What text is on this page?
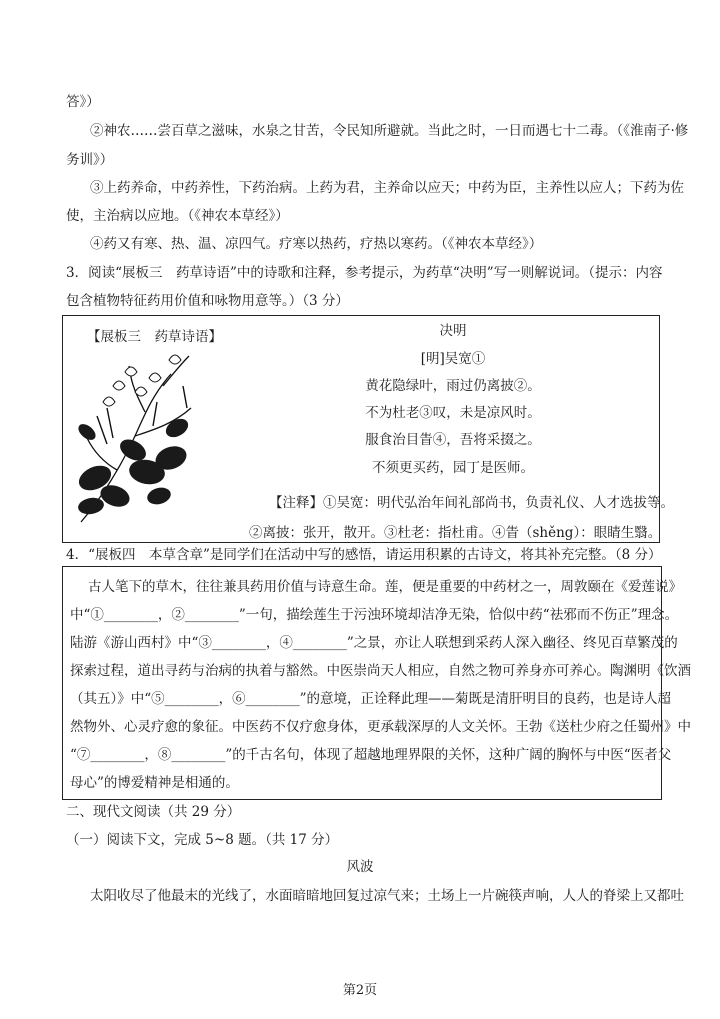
答》）
②神农……尝百草之滋味，水泉之甘苦，令民知所避就。当此之时，一日而遇七十二毒。（《淮南子·修
务训》）
③上药养命，中药养性，下药治病。上药为君，主养命以应天；中药为臣，主养性以应人；下药为佐
使，主治病以应地。（《神农本草经》）
④药又有寒、热、温、凉四气。疗寒以热药，疗热以寒药。（《神农本草经》）
3．阅读“展板三　药草诗语”中的诗歌和注释，参考提示，为药草“决明”写一则解说词。（提示：内容
包含植物特征药用价值和咏物用意等。）（3 分）
【展板三　药草诗语】	决明
[明]吴宽①
黄花隐绿叶，雨过仍离披②。
不为杜老③叹，未是凉风时。
服食治目眚④，吾将采掇之。
不须更买药，园丁是医师。
【注释】①吴宽：明代弘治年间礼部尚书，负责礼仪、人才选拔等。
②离披：张开，散开。③杜老：指杜甫。④眚（shěng）：眼睛生翳。
4．“展板四　本草含章”是同学们在活动中写的感悟，请运用积累的古诗文，将其补充完整。（8 分）
古人笔下的草木，往往兼具药用价值与诗意生命。莲，便是重要的中药材之一，周敦颐在《爱莲说》
中“①________，②________”一句，描绘莲生于污浊环境却洁净无染，恰似中药“祛邪而不伤正”理念。
陆游《游山西村》中“③________，④________”之景，亦让人联想到采药人深入幽径、终见百草繁茂的
探索过程，道出寻药与治病的执着与豁然。中医崇尚天人相应，自然之物可养身亦可养心。陶渊明《饮酒
（其五）》中“⑤________，⑥________”的意境，正诠释此理——菊既是清肝明目的良药，也是诗人超
然物外、心灵疗愈的象征。中医药不仅疗愈身体，更承载深厚的人文关怀。王勃《送杜少府之任蜀州》中
“⑦________，⑧________”的千古名句，体现了超越地理界限的关怀，这种广阔的胸怀与中医“医者父
母心”的博爱精神是相通的。
二、现代文阅读（共 29 分）
（一）阅读下文，完成 5~8 题。（共 17 分）
风波
太阳收尽了他最末的光线了，水面暗暗地回复过凉气来；土场上一片碗筷声响，人人的脊梁上又都吐
第2页
